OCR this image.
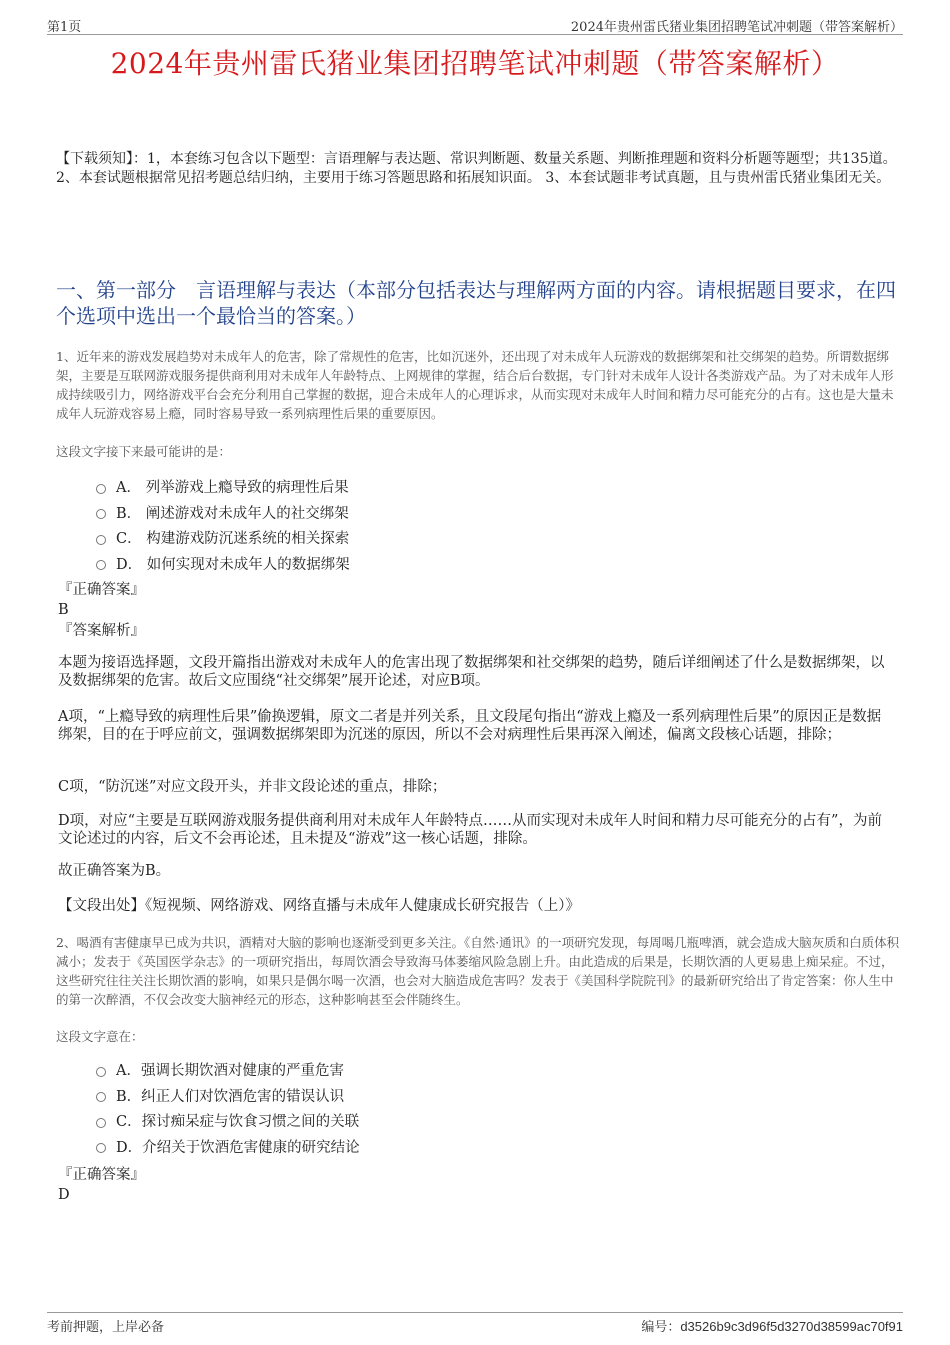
第1页	2024年贵州雷氏猪业集团招聘笔试冲刺题（带答案解析）
2024年贵州雷氏猪业集团招聘笔试冲刺题（带答案解析）
【下载须知】：1，本套练习包含以下题型：言语理解与表达题、常识判断题、数量关系题、判断推理题和资料分析题等题型；共135道。 2、本套试题根据常见招考题总结归纳，主要用于练习答题思路和拓展知识面。 3、本套试题非考试真题，且与贵州雷氏猪业集团无关。
一、第一部分　言语理解与表达（本部分包括表达与理解两方面的内容。请根据题目要求，在四个选项中选出一个最恰当的答案。）
1、近年来的游戏发展趋势对未成年人的危害，除了常规性的危害，比如沉迷外，还出现了对未成年人玩游戏的数据绑架和社交绑架的趋势。所谓数据绑架，主要是互联网游戏服务提供商利用对未成年人年龄特点、上网规律的掌握，结合后台数据，专门针对未成年人设计各类游戏产品。为了对未成年人形成持续吸引力，网络游戏平台会充分利用自己掌握的数据，迎合未成年人的心理诉求，从而实现对未成年人时间和精力尽可能充分的占有。这也是大量未成年人玩游戏容易上瘾，同时容易导致一系列病理性后果的重要原因。
这段文字接下来最可能讲的是：
A． 列举游戏上瘾导致的病理性后果
B． 阐述游戏对未成年人的社交绑架
C． 构建游戏防沉迷系统的相关探索
D． 如何实现对未成年人的数据绑架
『正确答案』
B
『答案解析』
本题为接语选择题，文段开篇指出游戏对未成年人的危害出现了数据绑架和社交绑架的趋势，随后详细阐述了什么是数据绑架，以及数据绑架的危害。故后文应围绕“社交绑架”展开论述，对应B项。
A项，“上瘾导致的病理性后果”偷换逻辑，原文二者是并列关系，且文段尾句指出“游戏上瘾及一系列病理性后果”的原因正是数据绑架，目的在于呼应前文，强调数据绑架即为沉迷的原因，所以不会对病理性后果再深入阐述，偏离文段核心话题，排除；
C项，“防沉迷”对应文段开头，并非文段论述的重点，排除；
D项，对应“主要是互联网游戏服务提供商利用对未成年人年龄特点……从而实现对未成年人时间和精力尽可能充分的占有”，为前文论述过的内容，后文不会再论述，且未提及“游戏”这一核心话题，排除。
故正确答案为B。
【文段出处】《短视频、网络游戏、网络直播与未成年人健康成长研究报告（上）》
2、喝酒有害健康早已成为共识，酒精对大脑的影响也逐渐受到更多关注。《自然·通讯》的一项研究发现，每周喝几瓶啤酒，就会造成大脑灰质和白质体积减小；发表于《英国医学杂志》的一项研究指出，每周饮酒会导致海马体萎缩风险急剧上升。由此造成的后果是，长期饮酒的人更易患上痴呆症。不过，这些研究往往关注长期饮酒的影响，如果只是偶尔喝一次酒，也会对大脑造成危害吗？发表于《美国科学院院刊》的最新研究给出了肯定答案：你人生中的第一次醉酒，不仅会改变大脑神经元的形态，这种影响甚至会伴随终生。
这段文字意在：
A．强调长期饮酒对健康的严重危害
B．纠正人们对饮酒危害的错误认识
C．探讨痴呆症与饮食习惯之间的关联
D．介绍关于饮酒危害健康的研究结论
『正确答案』
D
考前押题，上岸必备	编号：d3526b9c3d96f5d3270d38599ac70f91
